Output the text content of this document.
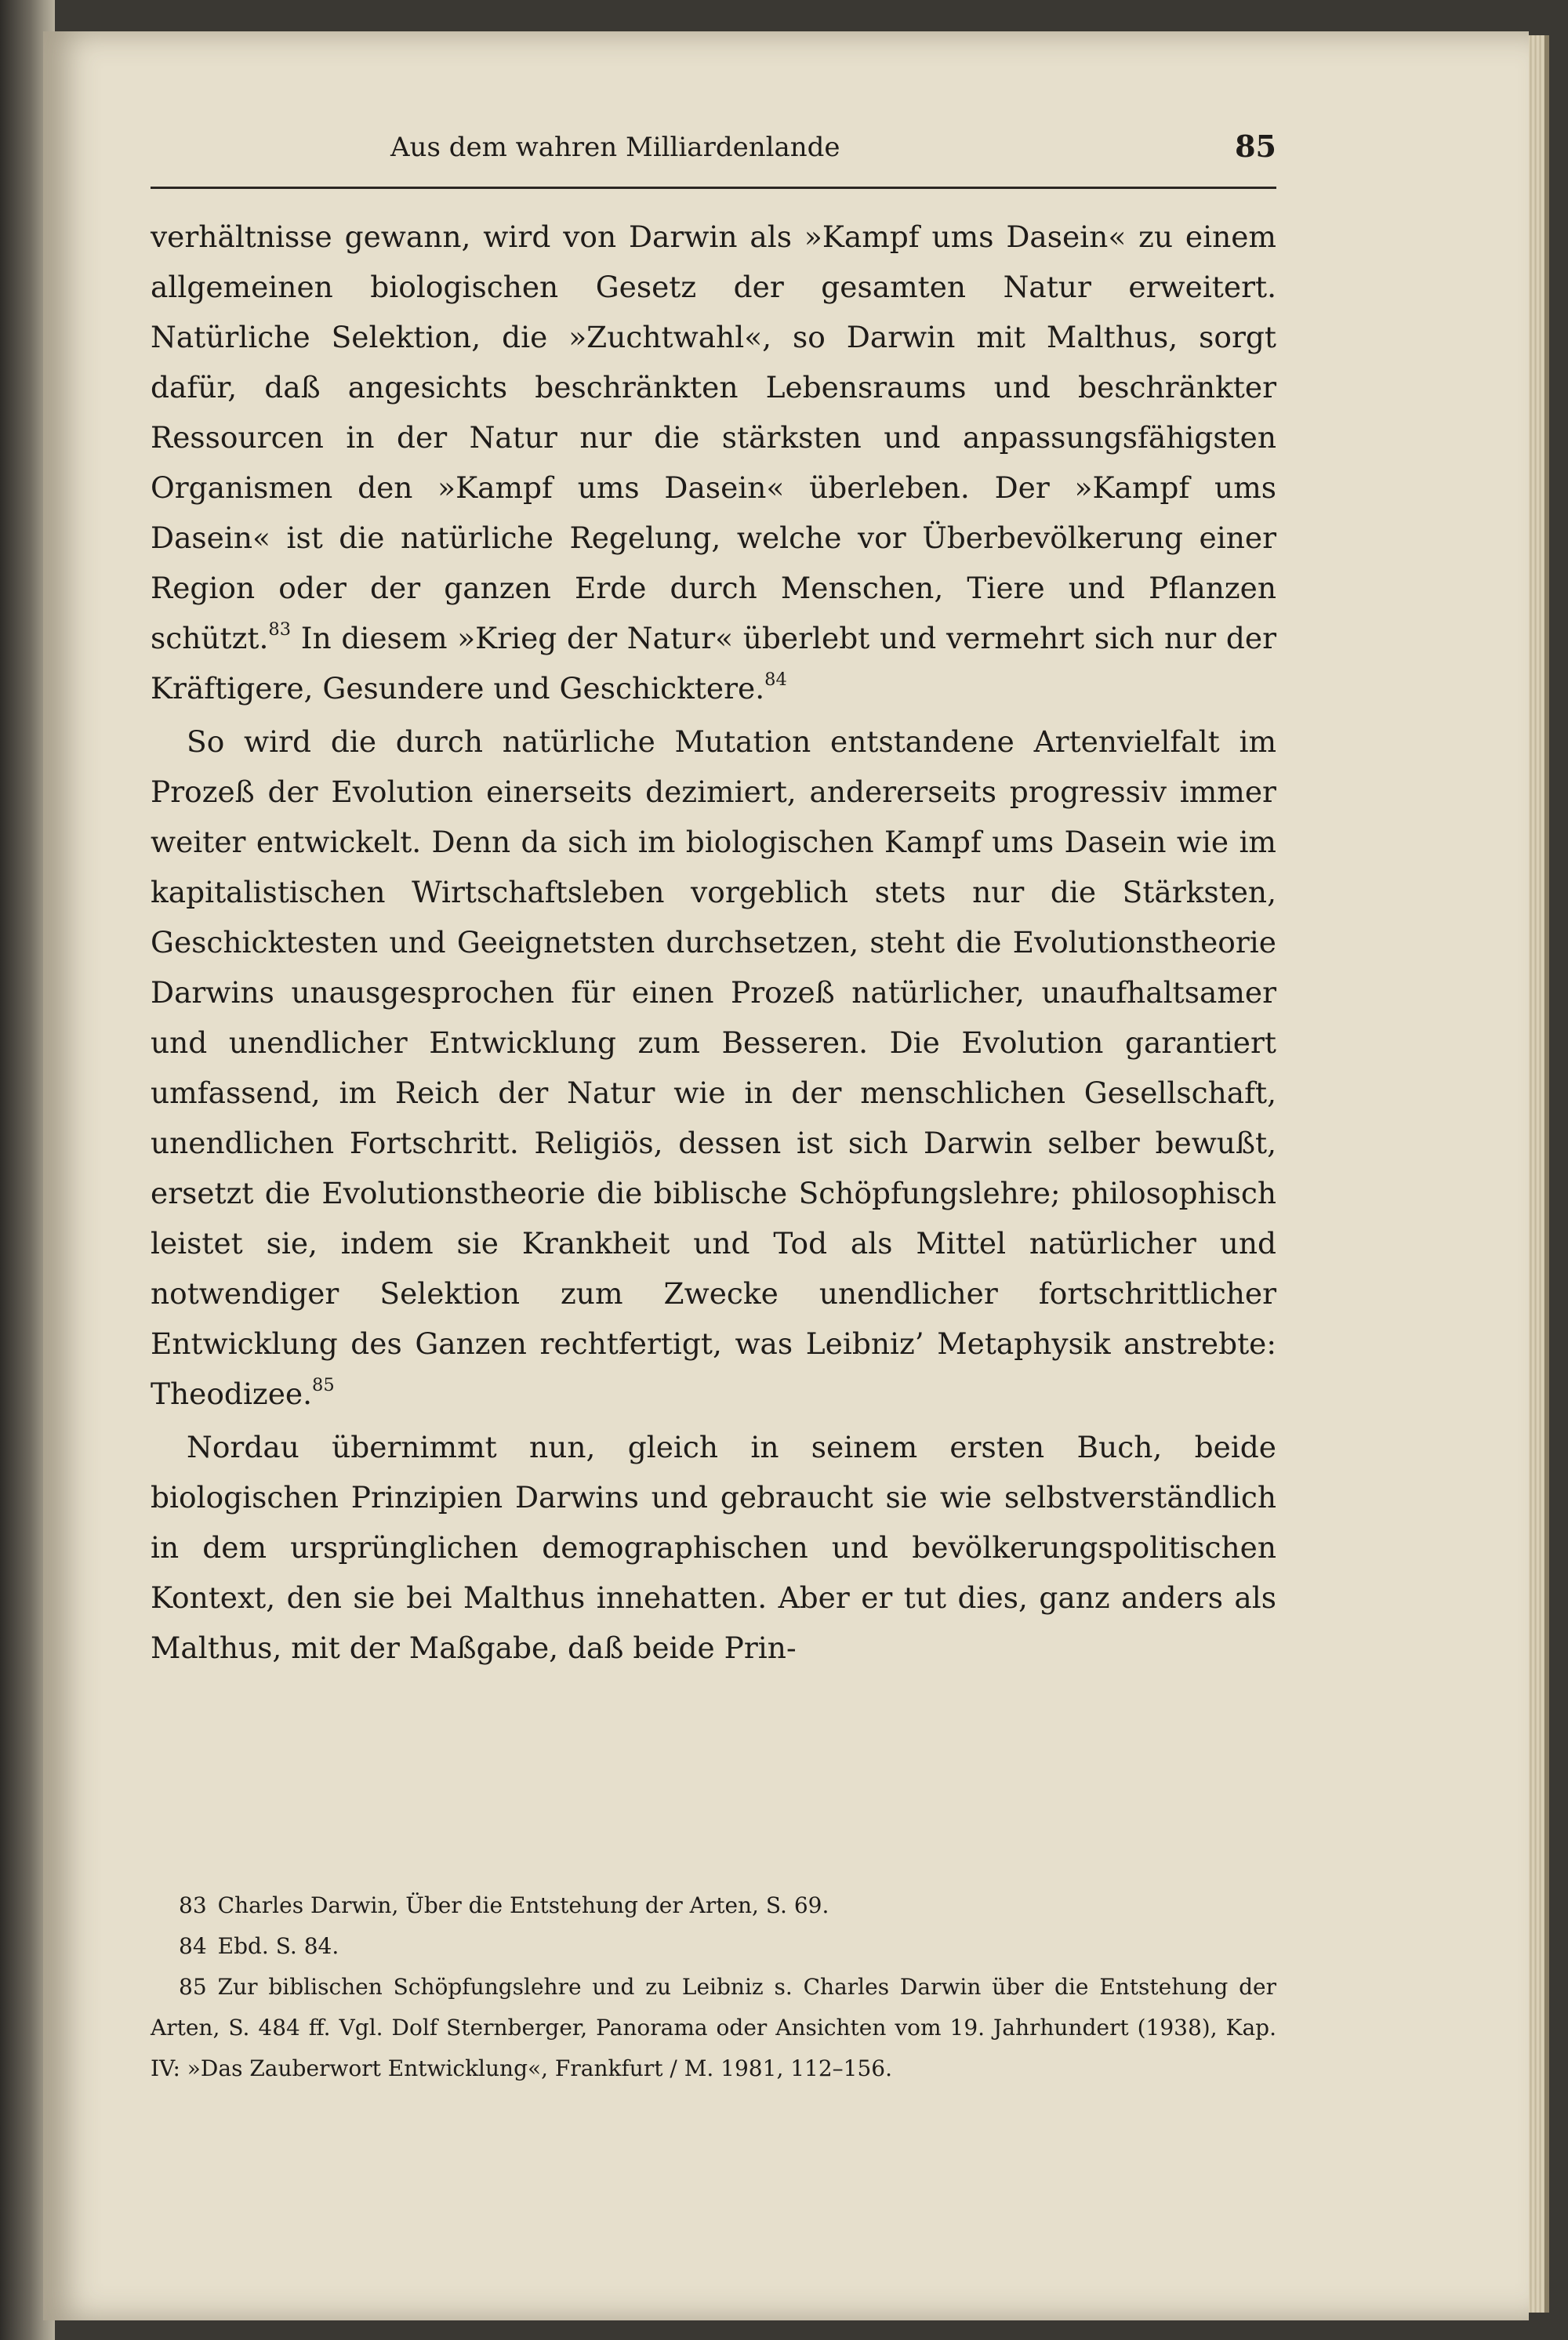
Aus dem wahren Milliardenlande	85

verhältnisse gewann, wird von Darwin als »Kampf ums Dasein« zu einem allgemeinen biologischen Gesetz der gesamten Natur erweitert. Natürliche Selektion, die »Zuchtwahl«, so Darwin mit Malthus, sorgt dafür, daß angesichts beschränkten Lebensraums und beschränkter Ressourcen in der Natur nur die stärksten und anpassungsfähigsten Organismen den »Kampf ums Dasein« überleben. Der »Kampf ums Dasein« ist die natürliche Regelung, welche vor Überbevölkerung einer Region oder der ganzen Erde durch Menschen, Tiere und Pflanzen schützt.$^{83}$ In diesem »Krieg der Natur« überlebt und vermehrt sich nur der Kräftigere, Gesundere und Geschicktere.$^{84}$

So wird die durch natürliche Mutation entstandene Artenvielfalt im Prozeß der Evolution einerseits dezimiert, andererseits progressiv immer weiter entwickelt. Denn da sich im biologischen Kampf ums Dasein wie im kapitalistischen Wirtschaftsleben vorgeblich stets nur die Stärksten, Geschicktesten und Geeignetsten durchsetzen, steht die Evolutionstheorie Darwins unausgesprochen für einen Prozeß natürlicher, unaufhaltsamer und unendlicher Entwicklung zum Besseren. Die Evolution garantiert umfassend, im Reich der Natur wie in der menschlichen Gesellschaft, unendlichen Fortschritt. Religiös, dessen ist sich Darwin selber bewußt, ersetzt die Evolutionstheorie die biblische Schöpfungslehre; philosophisch leistet sie, indem sie Krankheit und Tod als Mittel natürlicher und notwendiger Selektion zum Zwecke unendlicher fortschrittlicher Entwicklung des Ganzen rechtfertigt, was Leibniz’ Metaphysik anstrebte: Theodizee.$^{85}$

Nordau übernimmt nun, gleich in seinem ersten Buch, beide biologischen Prinzipien Darwins und gebraucht sie wie selbstverständlich in dem ursprünglichen demographischen und bevölkerungspolitischen Kontext, den sie bei Malthus innehatten. Aber er tut dies, ganz anders als Malthus, mit der Maßgabe, daß beide Prin-

83 Charles Darwin, Über die Entstehung der Arten, S. 69.

84 Ebd. S. 84.

85 Zur biblischen Schöpfungslehre und zu Leibniz s. Charles Darwin über die Entstehung der Arten, S. 484 ff. Vgl. Dolf Sternberger, Panorama oder Ansichten vom 19. Jahrhundert (1938), Kap. IV: »Das Zauberwort Entwicklung«, Frankfurt / M. 1981, 112–156.
